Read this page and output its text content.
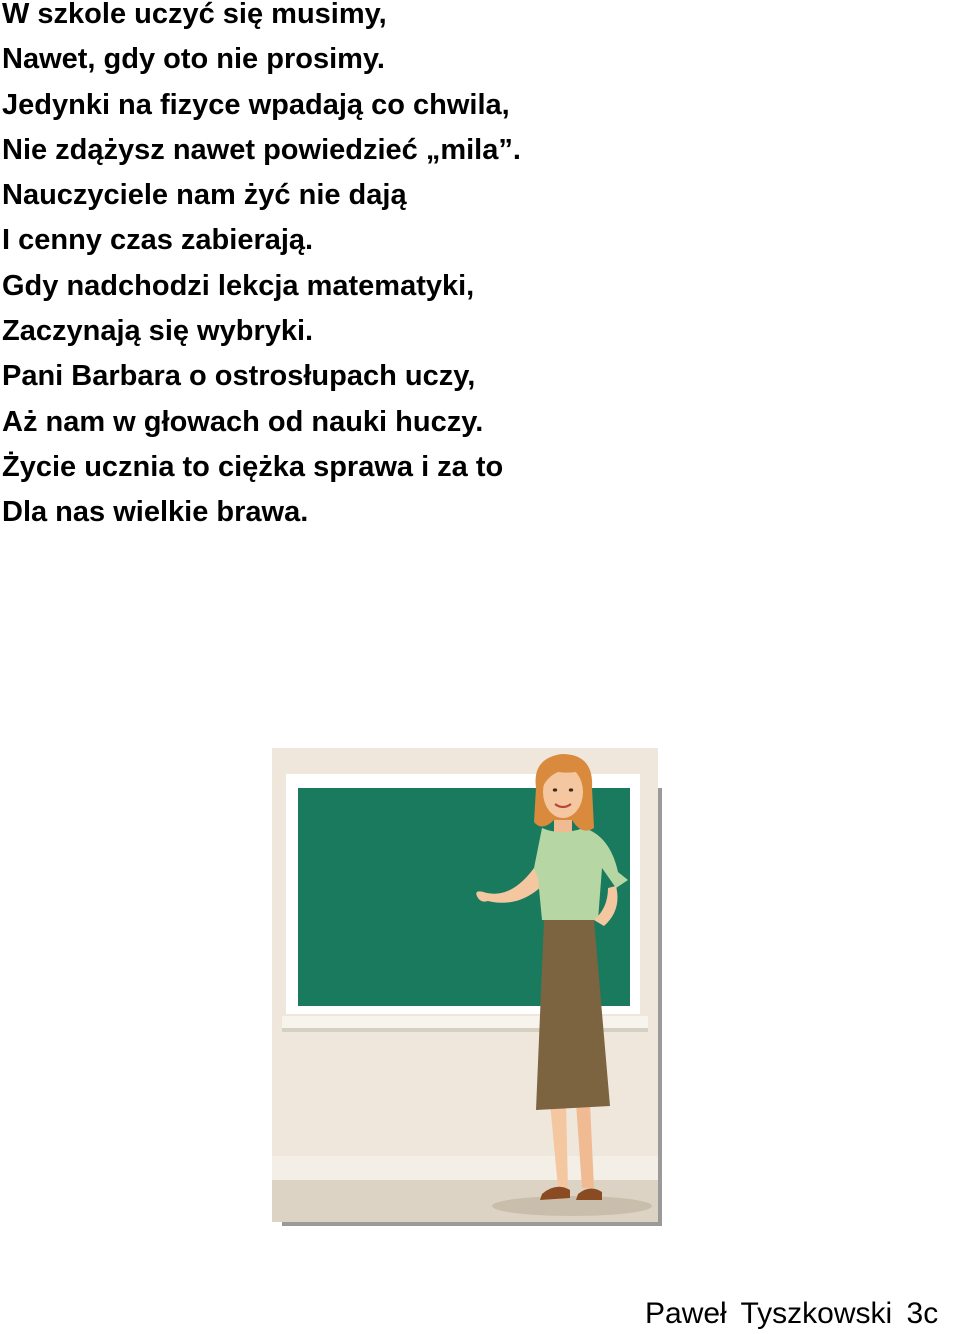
W szkole uczyć się musimy,
Nawet, gdy oto nie prosimy.
Jedynki na fizyce wpadają co chwila,
Nie zdążysz nawet powiedzieć „mila”.
Nauczyciele nam żyć nie dają
I cenny czas zabierają.
Gdy nadchodzi lekcja matematyki,
Zaczynają się wybryki.
Pani Barbara o ostrosłupach uczy,
Aż nam w głowach od nauki huczy.
Życie ucznia to ciężka sprawa i za to
Dla nas wielkie brawa.
Paweł Tyszkowski 3c
